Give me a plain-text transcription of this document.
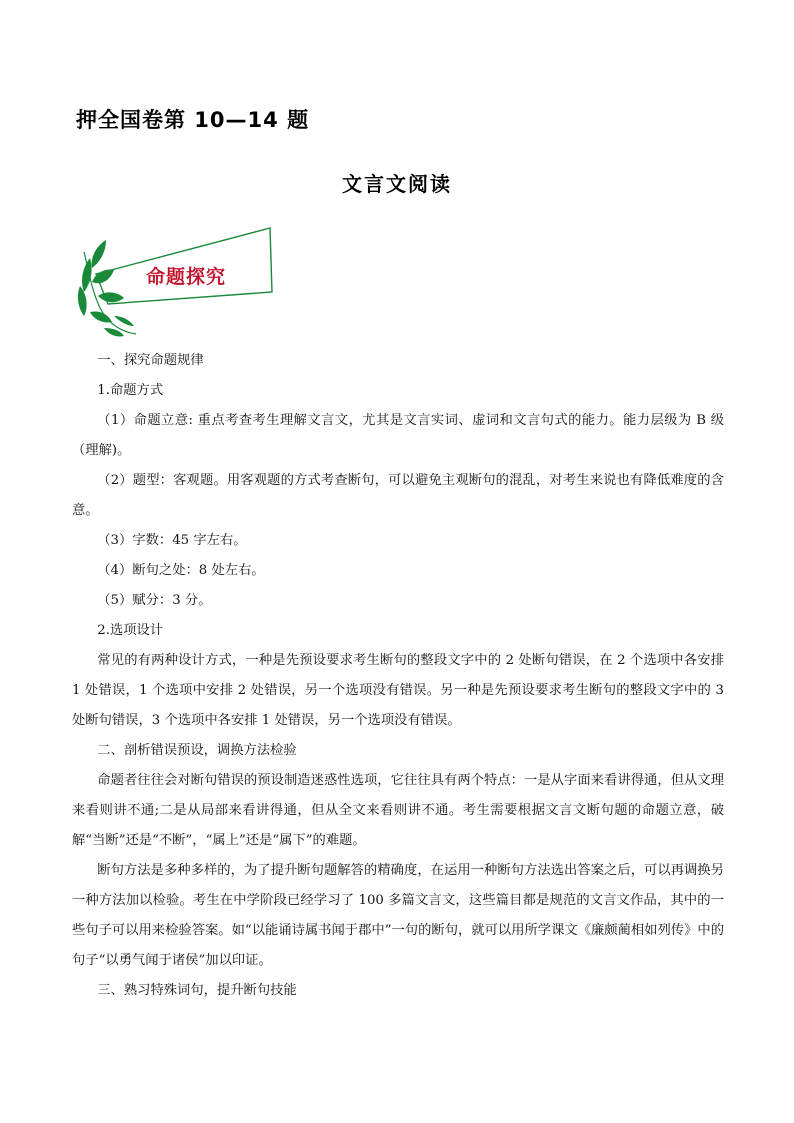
押全国卷第 10—14 题
文言文阅读
命题探究

一、探究命题规律

1.命题方式

（1）命题立意: 重点考查考生理解文言文，尤其是文言实词、虚词和文言句式的能力。能力层级为 B 级（理解)。

（2）题型：客观题。用客观题的方式考查断句，可以避免主观断句的混乱，对考生来说也有降低难度的含意。

（3）字数：45 字左右。

（4）断句之处：8 处左右。

（5）赋分：3 分。

2.选项设计

常见的有两种设计方式，一种是先预设要求考生断句的整段文字中的 2 处断句错误，在 2 个选项中各安排 1 处错误，1 个选项中安排 2 处错误，另一个选项没有错误。另一种是先预设要求考生断句的整段文字中的 3 处断句错误，3 个选项中各安排 1 处错误，另一个选项没有错误。

二、剖析错误预设，调换方法检验

命题者往往会对断句错误的预设制造迷惑性选项，它往往具有两个特点：一是从字面来看讲得通，但从文理来看则讲不通;二是从局部来看讲得通，但从全文来看则讲不通。考生需要根据文言文断句题的命题立意，破解“当断”还是“不断”，“属上”还是“属下”的难题。

断句方法是多种多样的，为了提升断句题解答的精确度，在运用一种断句方法选出答案之后，可以再调换另一种方法加以检验。考生在中学阶段已经学习了 100 多篇文言文，这些篇目都是规范的文言文作品，其中的一些句子可以用来检验答案。如“以能诵诗属书闻于郡中”一句的断句，就可以用所学课文《廉颇蔺相如列传》中的句子“以勇气闻于诸侯”加以印证。

三、熟习特殊词句，提升断句技能
